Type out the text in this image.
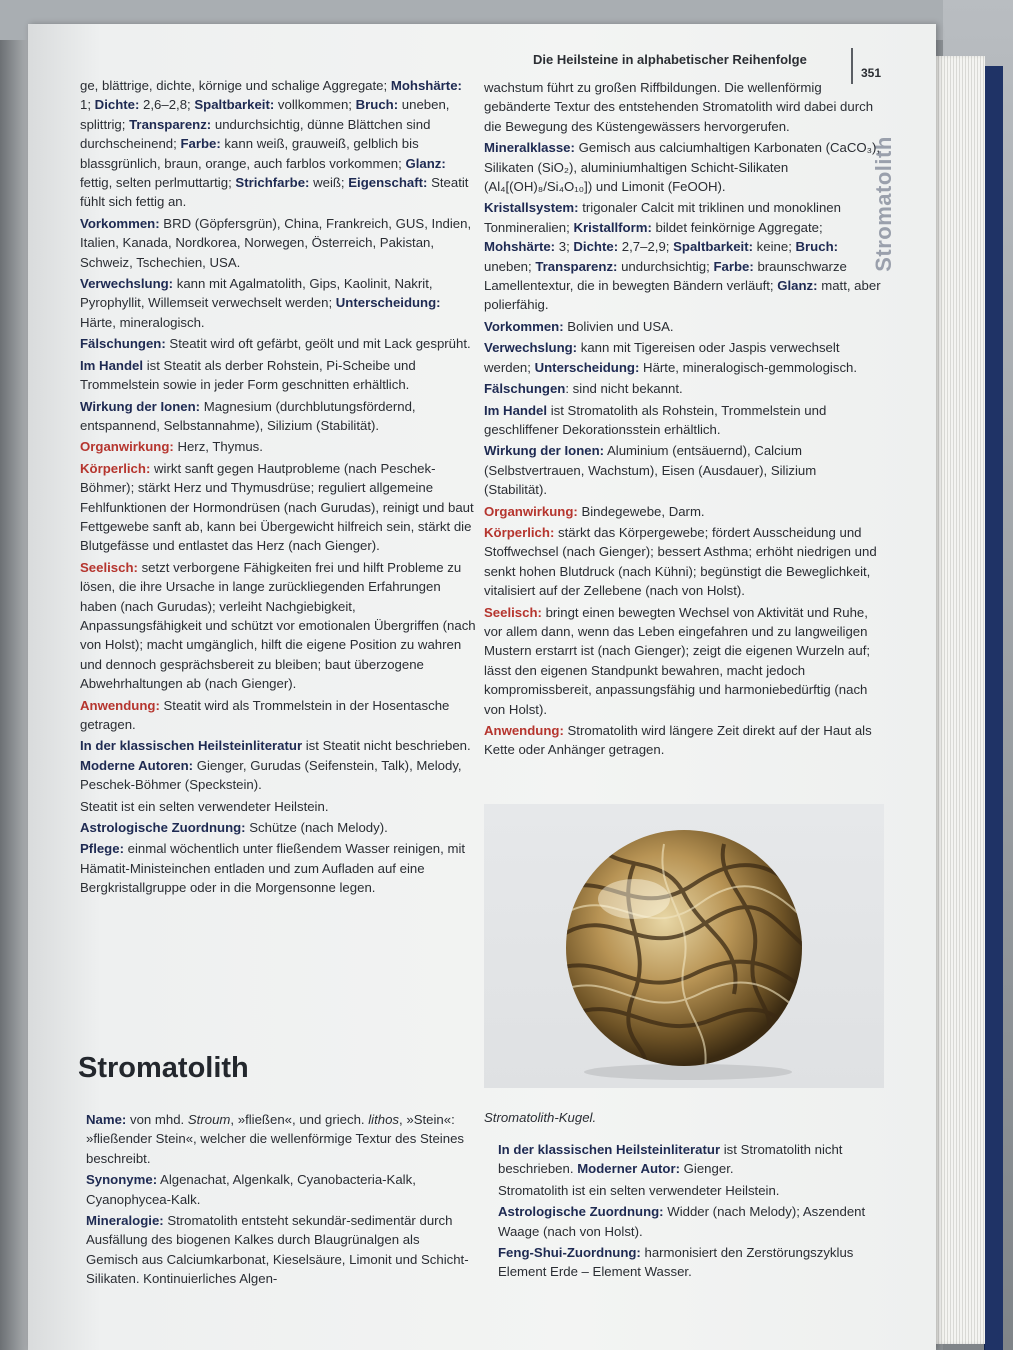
Die Heilsteine in alphabetischer Reihenfolge
351
Stromatolith

ge, blättrige, dichte, körnige und schalige Aggregate; Mohshärte: 1; Dichte: 2,6–2,8; Spaltbarkeit: vollkommen; Bruch: uneben, splittrig; Transparenz: undurchsichtig, dünne Blättchen sind durchscheinend; Farbe: kann weiß, grauweiß, gelblich bis blassgrünlich, braun, orange, auch farblos vorkommen; Glanz: fettig, selten perlmuttartig; Strichfarbe: weiß; Eigenschaft: Steatit fühlt sich fettig an.

Vorkommen: BRD (Göpfersgrün), China, Frankreich, GUS, Indien, Italien, Kanada, Nordkorea, Norwegen, Österreich, Pakistan, Schweiz, Tschechien, USA.

Verwechslung: kann mit Agalmatolith, Gips, Kaolinit, Nakrit, Pyrophyllit, Willemseit verwechselt werden; Unterscheidung: Härte, mineralogisch.

Fälschungen: Steatit wird oft gefärbt, geölt und mit Lack gesprüht.

Im Handel ist Steatit als derber Rohstein, Pi-Scheibe und Trommelstein sowie in jeder Form geschnitten erhältlich.

Wirkung der Ionen: Magnesium (durchblutungsfördernd, entspannend, Selbstannahme), Silizium (Stabilität).

Organwirkung: Herz, Thymus.

Körperlich: wirkt sanft gegen Hautprobleme (nach Peschek-Böhmer); stärkt Herz und Thymusdrüse; reguliert allgemeine Fehlfunktionen der Hormondrüsen (nach Gurudas), reinigt und baut Fettgewebe sanft ab, kann bei Übergewicht hilfreich sein, stärkt die Blutgefässe und entlastet das Herz (nach Gienger).

Seelisch: setzt verborgene Fähigkeiten frei und hilft Probleme zu lösen, die ihre Ursache in lange zurückliegenden Erfahrungen haben (nach Gurudas); verleiht Nachgiebigkeit, Anpassungsfähigkeit und schützt vor emotionalen Übergriffen (nach von Holst); macht umgänglich, hilft die eigene Position zu wahren und dennoch gesprächsbereit zu bleiben; baut überzogene Abwehrhaltungen ab (nach Gienger).

Anwendung: Steatit wird als Trommelstein in der Hosentasche getragen.

In der klassischen Heilsteinliteratur ist Steatit nicht beschrieben. Moderne Autoren: Gienger, Gurudas (Seifenstein, Talk), Melody, Peschek-Böhmer (Speckstein).

Steatit ist ein selten verwendeter Heilstein.

Astrologische Zuordnung: Schütze (nach Melody).

Pflege: einmal wöchentlich unter fließendem Wasser reinigen, mit Hämatit-Ministeinchen entladen und zum Aufladen auf eine Bergkristallgruppe oder in die Morgensonne legen.

Stromatolith

Name: von mhd. Stroum, »fließen«, und griech. lithos, »Stein«: »fließender Stein«, welcher die wellenförmige Textur des Steines beschreibt.

Synonyme: Algenachat, Algenkalk, Cyanobacteria-Kalk, Cyanophycea-Kalk.

Mineralogie: Stromatolith entsteht sekundär-sedimentär durch Ausfällung des biogenen Kalkes durch Blaugrünalgen als Gemisch aus Calciumkarbonat, Kieselsäure, Limonit und Schicht-Silikaten. Kontinuierliches Algen-

wachstum führt zu großen Riffbildungen. Die wellenförmig gebänderte Textur des entstehenden Stromatolith wird dabei durch die Bewegung des Küstengewässers hervorgerufen.

Mineralklasse: Gemisch aus calciumhaltigen Karbonaten (CaCO₃), Silikaten (SiO₂), aluminiumhaltigen Schicht-Silikaten (Al₄[(OH)₈/Si₄O₁₀]) und Limonit (FeOOH).

Kristallsystem: trigonaler Calcit mit triklinen und monoklinen Tonmineralien; Kristallform: bildet feinkörnige Aggregate; Mohshärte: 3; Dichte: 2,7–2,9; Spaltbarkeit: keine; Bruch: uneben; Transparenz: undurchsichtig; Farbe: braunschwarze Lamellentextur, die in bewegten Bändern verläuft; Glanz: matt, aber polierfähig.

Vorkommen: Bolivien und USA.

Verwechslung: kann mit Tigereisen oder Jaspis verwechselt werden; Unterscheidung: Härte, mineralogisch-gemmologisch.

Fälschungen: sind nicht bekannt.

Im Handel ist Stromatolith als Rohstein, Trommelstein und geschliffener Dekorationsstein erhältlich.

Wirkung der Ionen: Aluminium (entsäuernd), Calcium (Selbstvertrauen, Wachstum), Eisen (Ausdauer), Silizium (Stabilität).

Organwirkung: Bindegewebe, Darm.

Körperlich: stärkt das Körpergewebe; fördert Ausscheidung und Stoffwechsel (nach Gienger); bessert Asthma; erhöht niedrigen und senkt hohen Blutdruck (nach Kühni); begünstigt die Beweglichkeit, vitalisiert auf der Zellebene (nach von Holst).

Seelisch: bringt einen bewegten Wechsel von Aktivität und Ruhe, vor allem dann, wenn das Leben eingefahren und zu langweiligen Mustern erstarrt ist (nach Gienger); zeigt die eigenen Wurzeln auf; lässt den eigenen Standpunkt bewahren, macht jedoch kompromissbereit, anpassungsfähig und harmoniebedürftig (nach von Holst).

Anwendung: Stromatolith wird längere Zeit direkt auf der Haut als Kette oder Anhänger getragen.

Stromatolith-Kugel.

In der klassischen Heilsteinliteratur ist Stromatolith nicht beschrieben. Moderner Autor: Gienger.

Stromatolith ist ein selten verwendeter Heilstein.

Astrologische Zuordnung: Widder (nach Melody); Aszendent Waage (nach von Holst).

Feng-Shui-Zuordnung: harmonisiert den Zerstörungszyklus Element Erde – Element Wasser.
